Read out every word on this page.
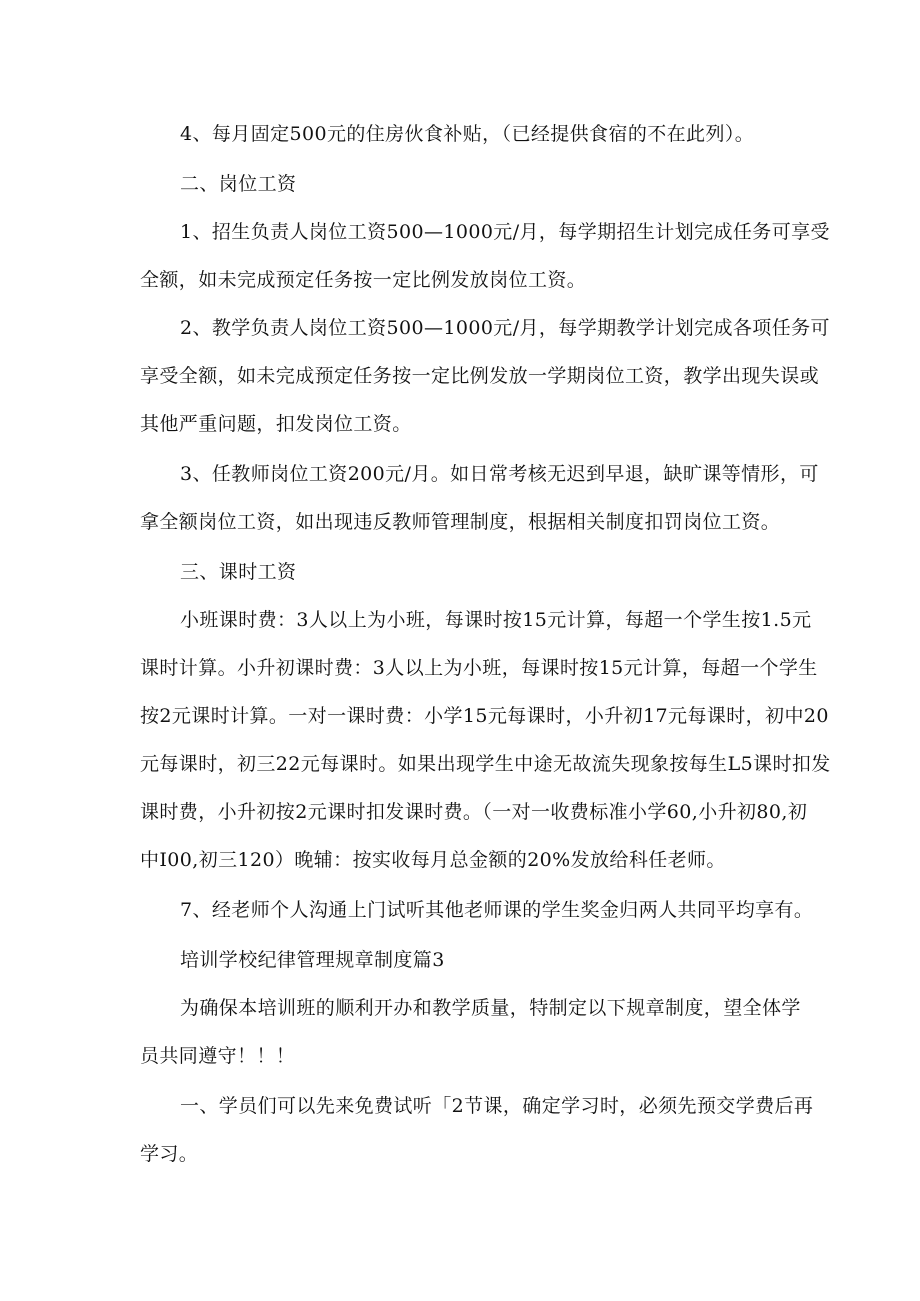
4、每月固定500元的住房伙食补贴，（已经提供食宿的不在此列）。
二、岗位工资
1、招生负责人岗位工资500—1000元/月，每学期招生计划完成任务可享受
全额，如未完成预定任务按一定比例发放岗位工资。
2、教学负责人岗位工资500—1000元/月，每学期教学计划完成各项任务可
享受全额，如未完成预定任务按一定比例发放一学期岗位工资，教学出现失误或
其他严重问题，扣发岗位工资。
3、任教师岗位工资200元/月。如日常考核无迟到早退，缺旷课等情形，可
拿全额岗位工资，如出现违反教师管理制度，根据相关制度扣罚岗位工资。
三、课时工资
小班课时费：3人以上为小班，每课时按15元计算，每超一个学生按1.5元
课时计算。小升初课时费：3人以上为小班，每课时按15元计算，每超一个学生
按2元课时计算。一对一课时费：小学15元每课时，小升初17元每课时，初中20
元每课时，初三22元每课时。如果出现学生中途无故流失现象按每生L5课时扣发
课时费，小升初按2元课时扣发课时费。（一对一收费标准小学60,小升初80,初
中I00,初三120）晚辅：按实收每月总金额的20%发放给科任老师。
7、经老师个人沟通上门试听其他老师课的学生奖金归两人共同平均享有。
培训学校纪律管理规章制度篇3
为确保本培训班的顺利开办和教学质量，特制定以下规章制度，望全体学
员共同遵守！！！
一、学员们可以先来免费试听「2节课，确定学习时，必须先预交学费后再
学习。
